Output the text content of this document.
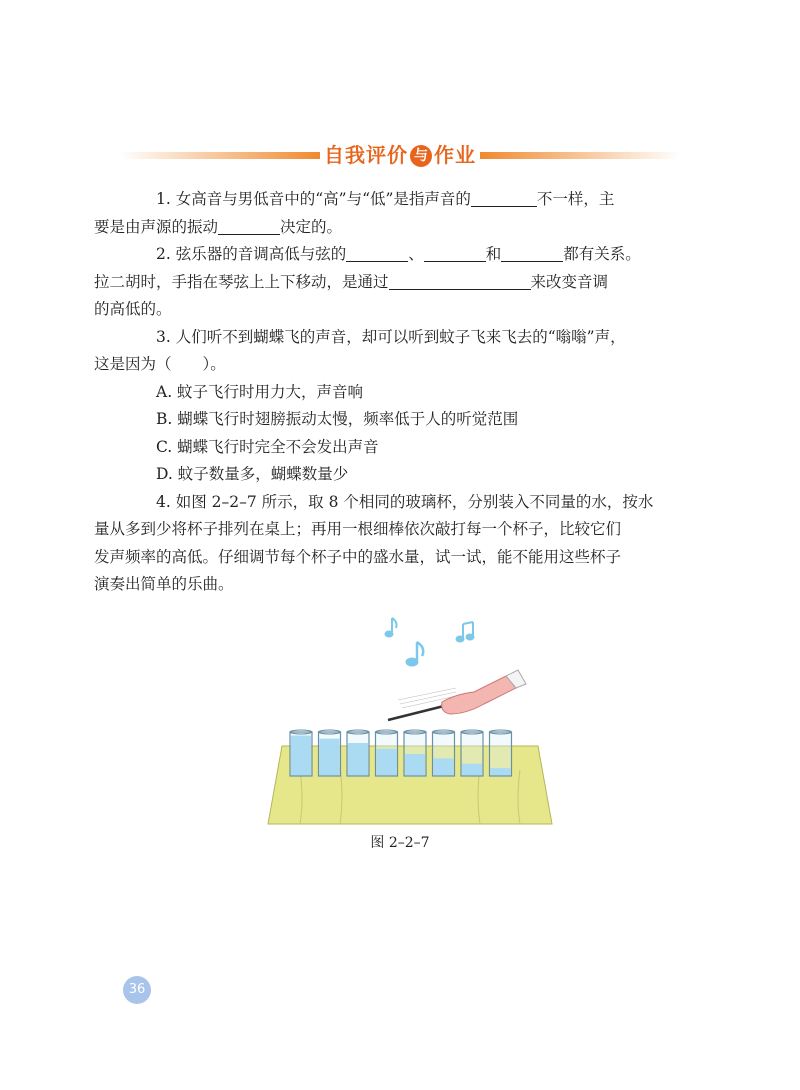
自我评价 与 作业

1. 女高音与男低音中的“高”与“低”是指声音的	不一样，主
要是由声源的振动	决定的。

2. 弦乐器的音调高低与弦的	、	和	都有关系。
拉二胡时，手指在琴弦上上下移动，是通过	来改变音调
的高低的。

3. 人们听不到蝴蝶飞的声音，却可以听到蚊子飞来飞去的“嗡嗡”声，
这是因为（　　）。

A. 蚊子飞行时用力大，声音响

B. 蝴蝶飞行时翅膀振动太慢，频率低于人的听觉范围

C. 蝴蝶飞行时完全不会发出声音

D. 蚊子数量多，蝴蝶数量少

4. 如图 2–2–7 所示，取 8 个相同的玻璃杯，分别装入不同量的水，按水
量从多到少将杯子排列在桌上；再用一根细棒依次敲打每一个杯子，比较它们
发声频率的高低。仔细调节每个杯子中的盛水量，试一试，能不能用这些杯子
演奏出简单的乐曲。

图 2–2–7
36
